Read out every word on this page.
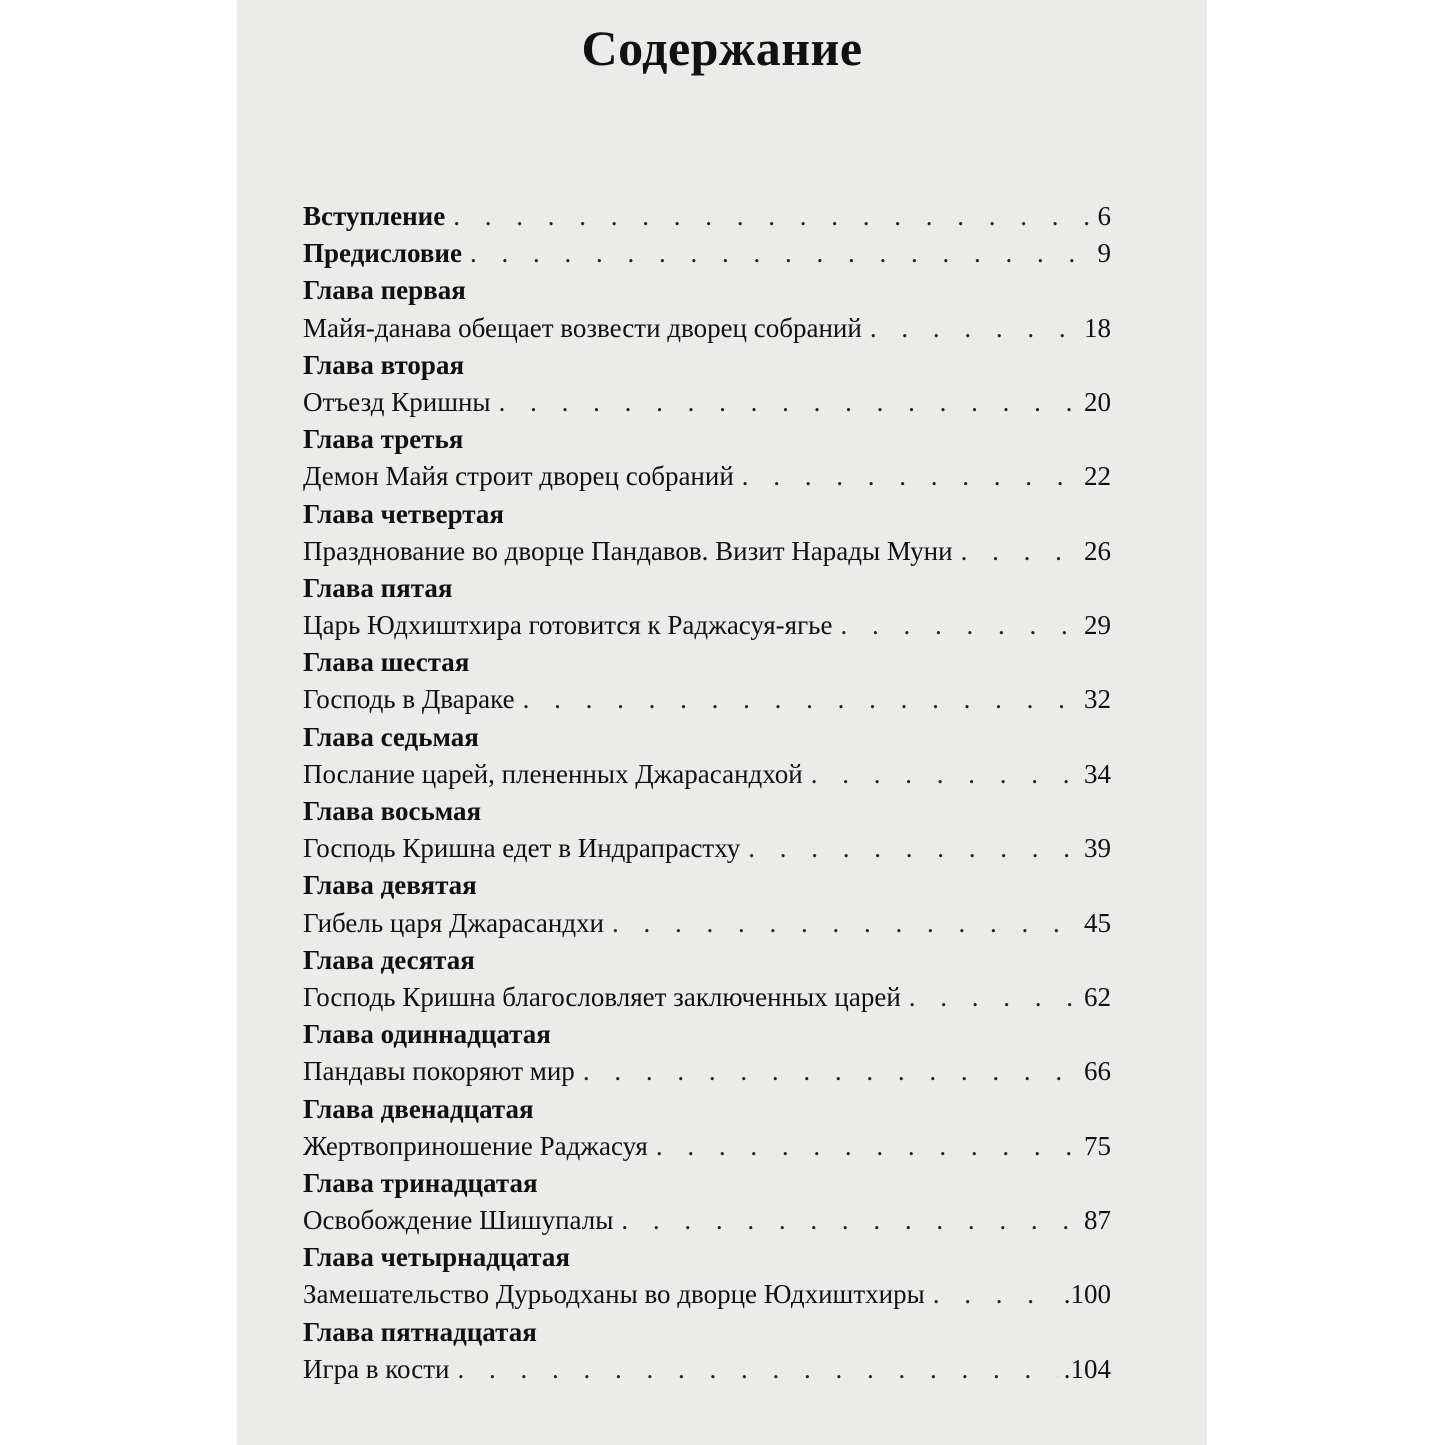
Содержание
Вступление . . .	6
Предисловие . . .	9
Глава первая
Майя-данава обещает возвести дворец собраний . . .	18
Глава вторая
Отъезд Кришны . . .	20
Глава третья
Демон Майя строит дворец собраний . . .	22
Глава четвертая
Празднование во дворце Пандавов. Визит Нарады Муни . . .	26
Глава пятая
Царь Юдхиштхира готовится к Раджасуя-ягье . . .	29
Глава шестая
Господь в Двараке . . .	32
Глава седьмая
Послание царей, плененных Джарасандхой . . .	34
Глава восьмая
Господь Кришна едет в Индрапрастху . . .	39
Глава девятая
Гибель царя Джарасандхи . . .	45
Глава десятая
Господь Кришна благословляет заключенных царей . . .	62
Глава одиннадцатая
Пандавы покоряют мир . . .	66
Глава двенадцатая
Жертвоприношение Раджасуя . . .	75
Глава тринадцатая
Освобождение Шишупалы . . .	87
Глава четырнадцатая
Замешательство Дурьодханы во дворце Юдхиштхиры . . .	.100
Глава пятнадцатая
Игра в кости . . .	.104
